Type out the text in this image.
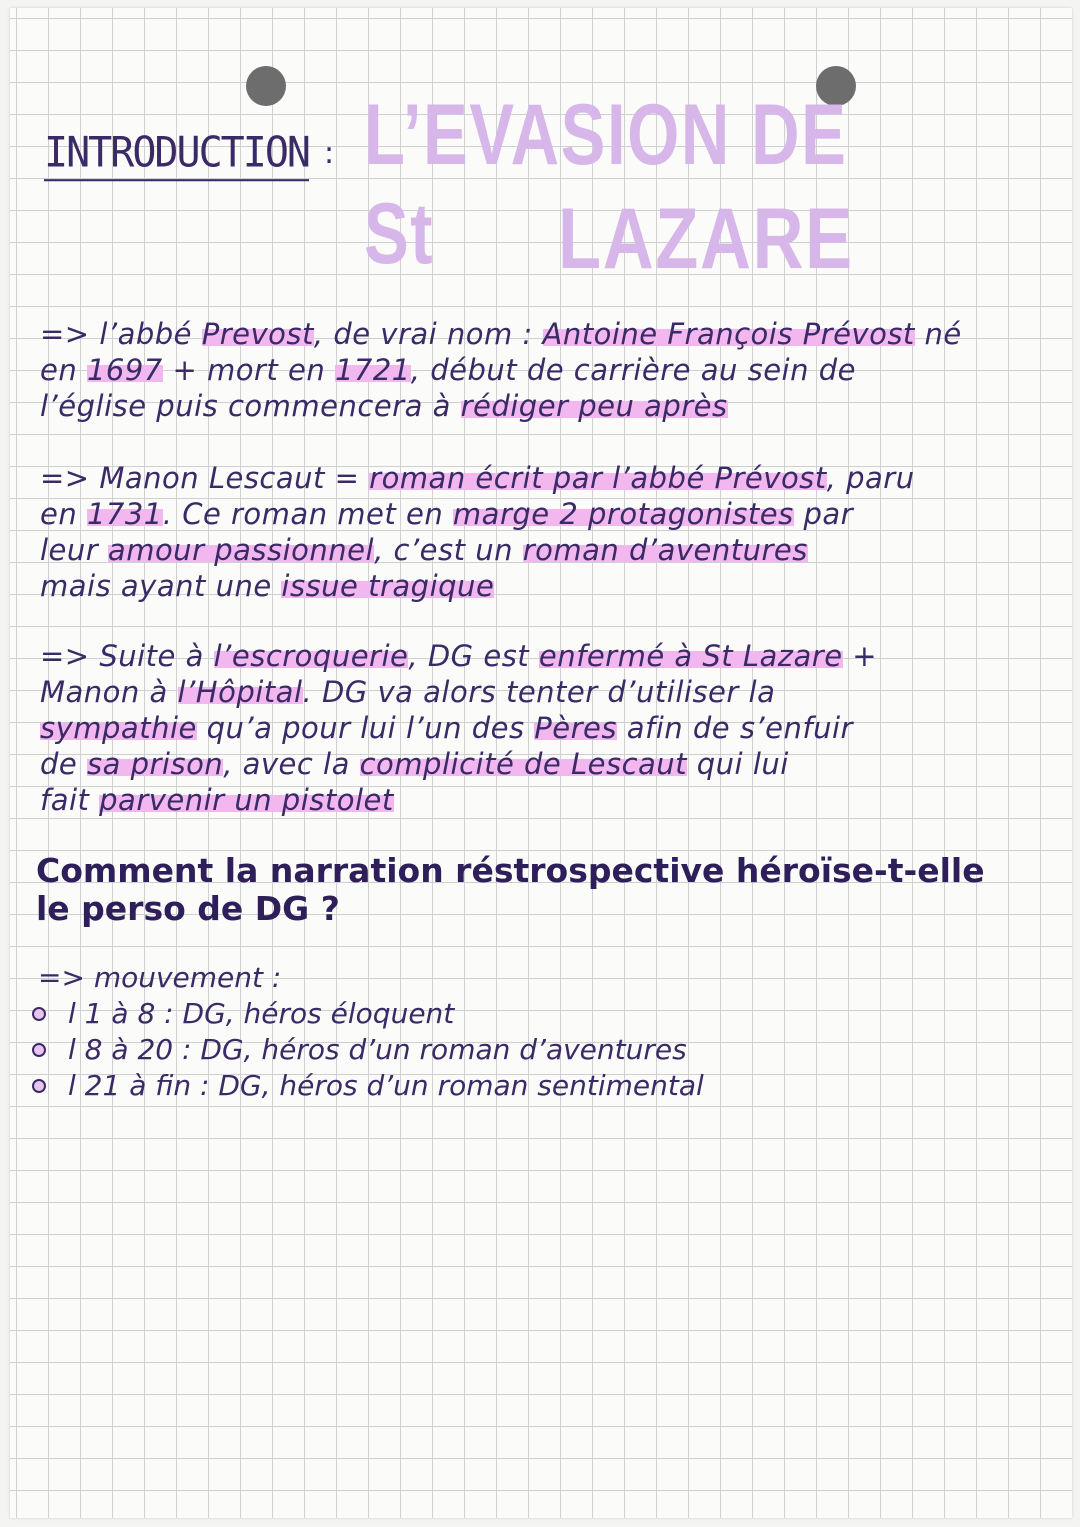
INTRODUCTION : L’EVASION DE St	LAZARE
=> l’abbé Prevost, de vrai nom : Antoine François Prévost né
en 1697 + mort en 1721, début de carrière au sein de
l’église puis commencera à rédiger peu après
=> Manon Lescaut = roman écrit par l’abbé Prévost, paru
en 1731. Ce roman met en marge 2 protagonistes par
leur amour passionnel, c’est un roman d’aventures
mais ayant une issue tragique
=> Suite à l’escroquerie, DG est enfermé à St Lazare +
Manon à l’Hôpital. DG va alors tenter d’utiliser la
sympathie qu’a pour lui l’un des Pères afin de s’enfuir
de sa prison, avec la complicité de Lescaut qui lui
fait parvenir un pistolet
Comment la narration réstrospective héroïse-t-elle
le perso de DG ?
=> mouvement :
l 1 à 8 : DG, héros éloquent
l 8 à 20 : DG, héros d’un roman d’aventures
l 21 à fin : DG, héros d’un roman sentimental
